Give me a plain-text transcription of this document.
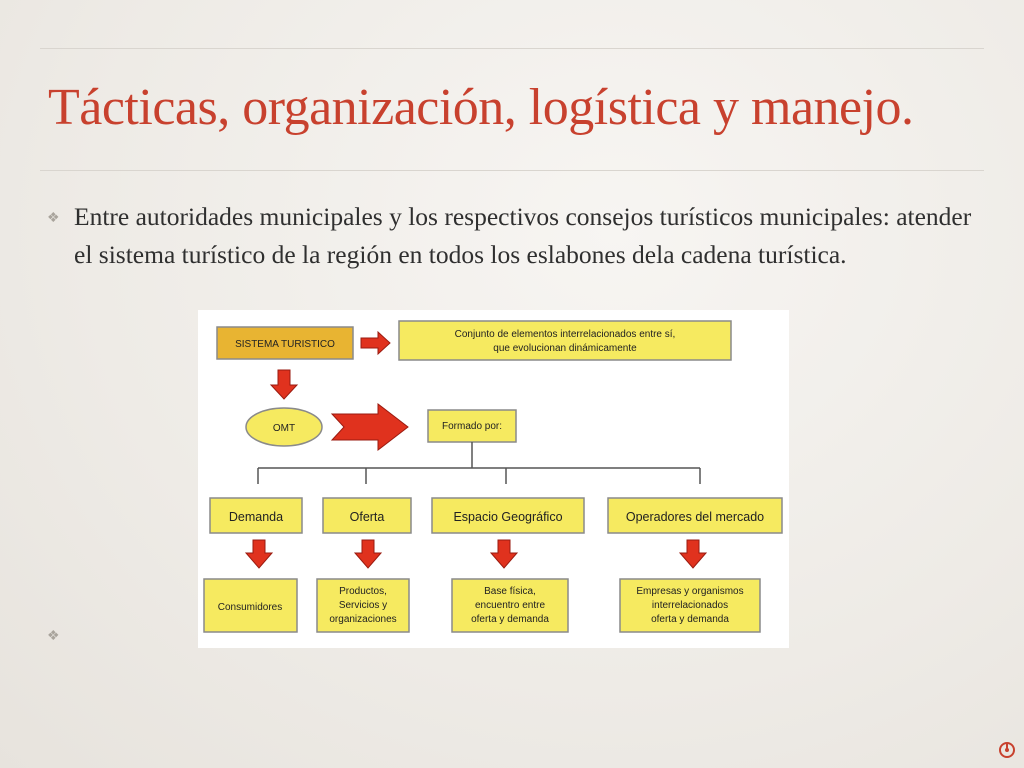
Tácticas, organización, logística y manejo.
❖ Entre autoridades municipales y los respectivos consejos turísticos municipales: atender el sistema turístico de la región en todos los eslabones dela cadena turística.
❖
SISTEMA TURISTICO
Conjunto de elementos interrelacionados entre sí,
que evolucionan dinámicamente
OMT	Formado por:
Demanda	Oferta	Espacio Geográfico	Operadores del mercado
Consumidores
Productos,
Servicios y
organizaciones
Base física,
encuentro entre
oferta y demanda
Empresas y organismos
interrelacionados
oferta y demanda
